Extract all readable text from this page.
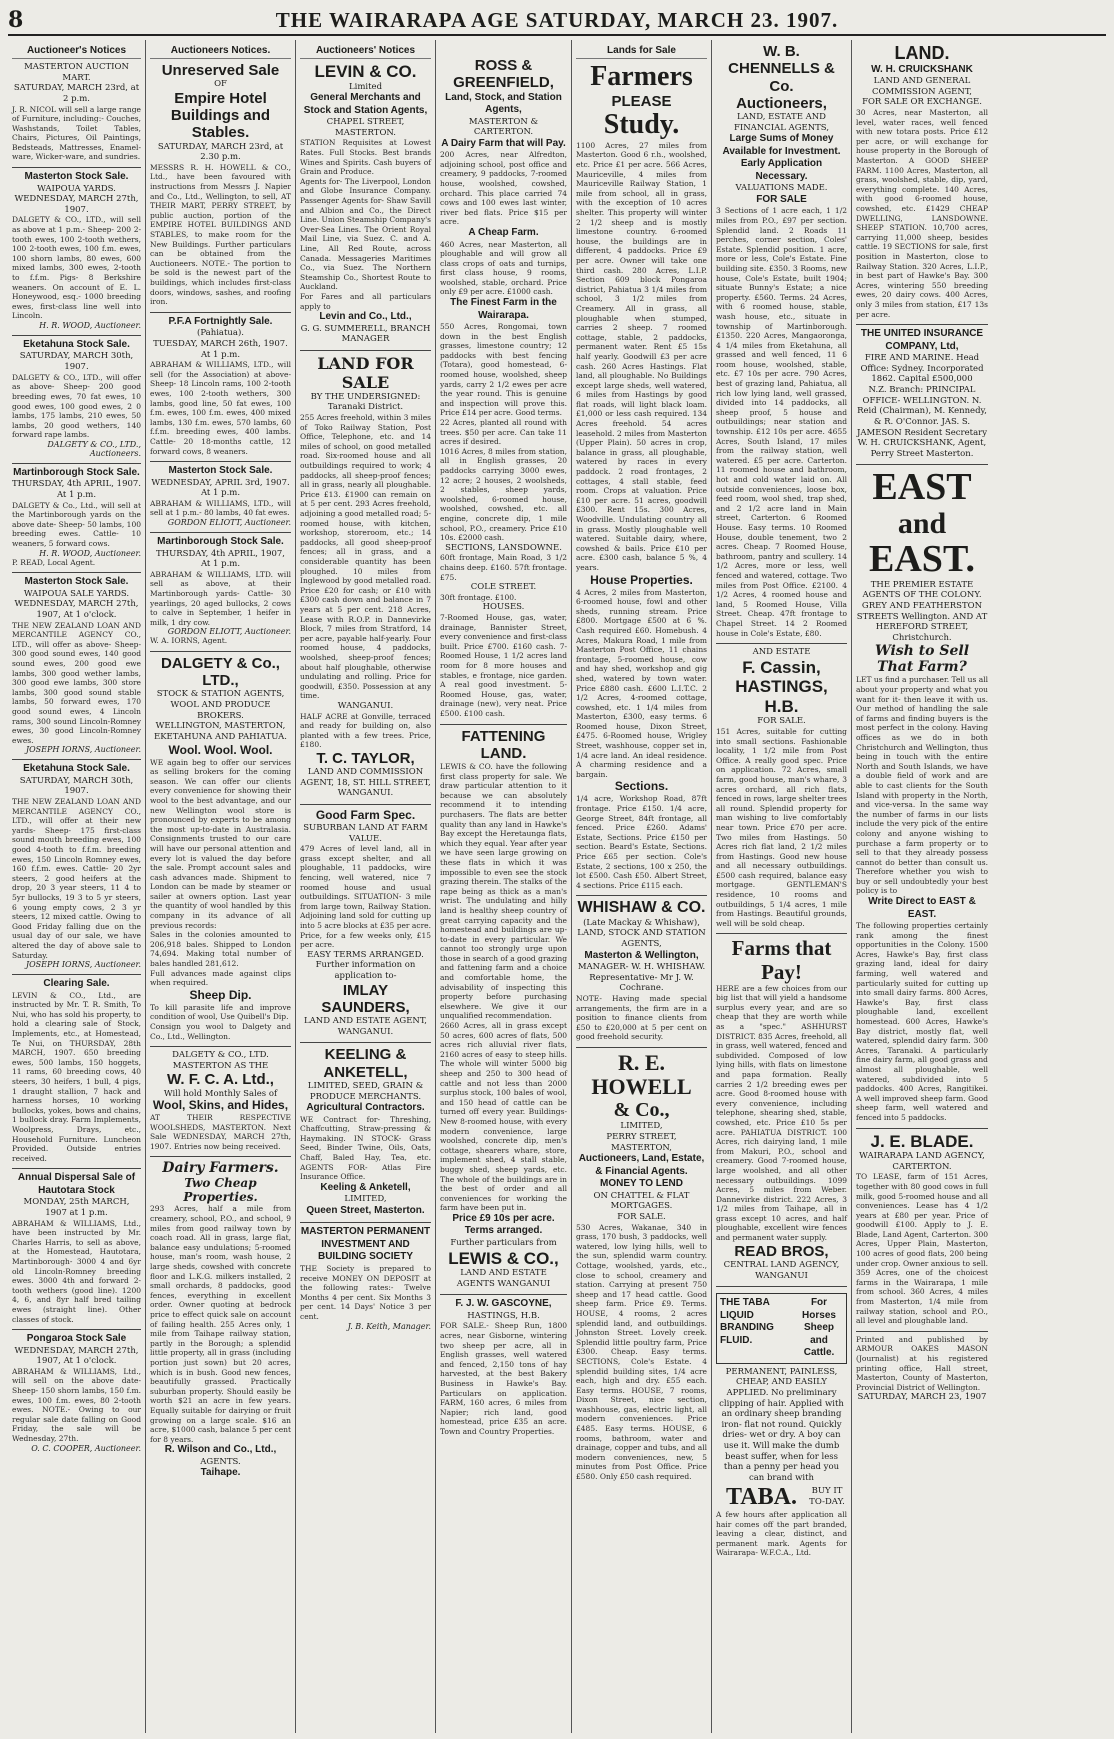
8	THE WAIRARAPA AGE SATURDAY, MARCH 23. 1907.
Auctioneer's Notices
MASTERTON AUCTION MART.
SATURDAY, MARCH 23rd, at 2 p.m.
J. R. NICOL will sell a large range of Furniture, including:- Couches, Washstands, Toilet Tables, Chairs, Pictures, Oil Paintings, Bedsteads, Mattresses, Enamel-ware, Wicker-ware, and sundries.
Masterton Stock Sale.
WAIPOUA YARDS.
WEDNESDAY, MARCH 27th, 1907.
DALGETY & CO., LTD., will sell as above at 1 p.m.- Sheep- 200 2-tooth ewes, 100 2-tooth wethers, 100 2-tooth ewes, 100 f.m. ewes, 100 shorn lambs, 80 ewes, 600 mixed lambs, 300 ewes, 2-tooth to f.f.m. Pigs- 8 Berkshire weaners. On account of E. L. Honeywood, esq.- 1000 breeding ewes, first-class line well into Lincoln.
H. R. WOOD, Auctioneer.
Eketahuna Stock Sale.
SATURDAY, MARCH 30th, 1907.
DALGETY & CO., LTD., will offer as above- Sheep- 200 good breeding ewes, 70 fat ewes, 10 good ewes, 100 good ewes, 2 0 lambs, 175 lambs, 210 ewes, 50 lambs, 20 good wethers, 140 forward rape lambs.
DALGETY & CO., LTD., Auctioneers.
Martinborough Stock Sale.
THURSDAY, 4th APRIL, 1907. At 1 p.m.
DALGETY & Co., Ltd., will sell at the Martinborough yards on the above date- Sheep- 50 lambs, 100 breeding ewes. Cattle- 10 weaners, 5 forward cows.
H. R. WOOD, Auctioneer.
P. READ, Local Agent.
Masterton Stock Sale.
WAIPOUA SALE YARDS.
WEDNESDAY, MARCH 27th, 1907, At 1 o'clock.
THE NEW ZEALAND LOAN AND MERCANTILE AGENCY CO., LTD., will offer as above- Sheep- 300 good sound ewes, 140 good sound ewes, 200 good ewe lambs, 300 good wether lambs, 300 good ewe lambs, 300 store lambs, 300 good sound stable lambs, 50 forward ewes, 170 good sound ewes, 4 Lincoln rams, 300 sound Lincoln-Romney ewes, 30 good Lincoln-Romney ewes.
JOSEPH IORNS, Auctioneer.
Eketahuna Stock Sale.
SATURDAY, MARCH 30th, 1907.
THE NEW ZEALAND LOAN AND MERCANTILE AGENCY CO., LTD., will offer at their new yards- Sheep- 175 first-class sound mouth breeding ewes, 100 good 4-tooth to f.f.m. breeding ewes, 150 Lincoln Romney ewes, 160 f.f.m. ewes. Cattle- 20 2yr steers, 2 good heifers at the drop, 20 3 year steers, 11 4 to 5yr bullocks, 19 3 to 5 yr steers, 6 young empty cows, 2 3 yr steers, 12 mixed cattle. Owing to Good Friday falling due on the usual day of our sale, we have altered the day of above sale to Saturday.
JOSEPH IORNS, Auctioneer.
Clearing Sale.
LEVIN & CO., Ltd., are instructed by Mr. T. R. Smith, To Nui, who has sold his property, to hold a clearing sale of Stock, Implements, etc., at Homestead, Te Nui, on THURSDAY, 28th MARCH, 1907. 650 breeding ewes, 500 lambs, 150 hoggets, 11 rams, 60 breeding cows, 40 steers, 30 heifers, 1 bull, 4 pigs, 1 draught stallion, 7 hack and harness horses, 10 working bullocks, yokes, bows and chains, 1 bullock dray. Farm Implements, Woolpress, Drays, etc., Household Furniture. Luncheon Provided. Outside entries received.
Annual Dispersal Sale of Hautotara Stock
MONDAY, 25th MARCH, 1907 at 1 p.m.
ABRAHAM & WILLIAMS, Ltd., have been instructed by Mr. Charles Harris, to sell as above, at the Homestead, Hautotara, Martinborough- 3000 4 and 6yr old Lincoln-Romney breeding ewes. 3000 4th and forward 2-tooth wethers (good line). 1200 4, 6, and 8yr half bred tailing ewes (straight line). Other classes of stock.
Pongaroa Stock Sale
WEDNESDAY, MARCH 27th, 1907, At 1 o'clock.
ABRAHAM & WILLIAMS, Ltd., will sell on the above date- Sheep- 150 shorn lambs, 150 f.m. ewes, 100 f.m. ewes, 80 2-tooth ewes. NOTE.- Owing to our regular sale date falling on Good Friday, the sale will be Wednesday, 27th.
O. C. COOPER, Auctioneer.
Auctioneers Notices.
Unreserved Sale
OF
Empire Hotel Buildings and Stables.
SATURDAY, MARCH 23rd, at 2.30 p.m.
MESSRS R. H. HOWELL & CO., Ltd., have been favoured with instructions from Messrs J. Napier and Co., Ltd., Wellington, to sell, AT THEIR MART, PERRY STREET, by public auction, portion of the EMPIRE HOTEL BUILDINGS AND STABLES, to make room for the New Buildings. Further particulars can be obtained from the Auctioneers. NOTE.- The portion to be sold is the newest part of the buildings, which includes first-class doors, windows, sashes, and roofing iron.
P.F.A Fortnightly Sale.
(Pahiatua).
TUESDAY, MARCH 26th, 1907. At 1 p.m.
ABRAHAM & WILLIAMS, LTD., will sell (for the Association) at above- Sheep- 18 Lincoln rams, 100 2-tooth ewes, 100 2-tooth wethers, 300 lambs, good line, 50 fat ewes, 100 f.m. ewes, 100 f.m. ewes, 400 mixed lambs, 130 f.m. ewes, 570 lambs, 60 f.f.m. breeding ewes, 400 lambs. Cattle- 20 18-months cattle, 12 forward cows, 8 weaners.
Masterton Stock Sale.
WEDNESDAY, APRIL 3rd, 1907. At 1 p.m.
ABRAHAM & WILLIAMS, LTD., will sell at 1 p.m.- 80 lambs, 40 fat ewes.
GORDON ELIOTT, Auctioneer.
Martinborough Stock Sale.
THURSDAY, 4th APRIL, 1907, At 1 p.m.
ABRAHAM & WILLIAMS, LTD. will sell as above, at their Martinborough yards- Cattle- 30 yearlings, 20 aged bullocks, 2 cows to calve in September, 1 heifer in milk, 1 dry cow.
GORDON ELIOTT, Auctioneer.
W. A. IORNS, Agent.
DALGETY & Co., LTD.,
STOCK & STATION AGENTS, WOOL AND PRODUCE BROKERS.
WELLINGTON, MASTERTON, EKETAHUNA AND PAHIATUA.
Wool. Wool. Wool.
WE again beg to offer our services as selling brokers for the coming season. We can offer our clients every convenience for showing their wool to the best advantage, and our new Wellington wool store is pronounced by experts to be among the most up-to-date in Australasia. Consignments trusted to our care will have our personal attention and every lot is valued the day before the sale. Prompt account sales and cash advances made. Shipment to London can be made by steamer or sailer at owners option. Last year the quantity of wool handled by this company in its advance of all previous records:
Sales in the colonies amounted to 206,918 bales. Shipped to London 74,694. Making total number of bales handled 281,612.
Full advances made against clips when required.
Sheep Dip.
To kill parasite life and improve condition of wool, Use Quibell's Dip.
Consign you wool to Dalgety and Co., Ltd., Wellington.
DALGETY & CO., LTD. MASTERTON AS THE
W. F. C. A. Ltd.,
Will hold Monthly Sales of
Wool, Skins, and Hides,
AT THEIR RESPECTIVE WOOLSHEDS, MASTERTON. Next Sale WEDNESDAY, MARCH 27th, 1907. Entries now being received.
Dairy Farmers.
Two Cheap Properties.
293 Acres, half a mile from creamery, school, P.O., and school, 9 miles from good railway town by coach road. All in grass, large flat, balance easy undulations; 5-roomed house, man's room, wash house, 2 large sheds, cowshed with concrete floor and L.K.G. milkers installed, 2 small orchards, 8 paddocks, good fences, everything in excellent order. Owner quoting at bedrock price to effect quick sale on account of failing health. 255 Acres only, 1 mile from Taihape railway station, partly in the Borough; a splendid little property, all in grass (including portion just sown) but 20 acres, which is in bush. Good new fences, beautifully grassed. Practically suburban property. Should easily be worth $21 an acre in few years. Equally suitable for dairying or fruit growing on a large scale. $16 an acre, $1000 cash, balance 5 per cent for 8 years.
R. Wilson and Co., Ltd.,
AGENTS.
Taihape.
Auctioneers' Notices
LEVIN & CO.
Limited
General Merchants and Stock and Station Agents,
CHAPEL STREET, MASTERTON.
STATION Requisites at Lowest Rates. Full Stocks. Best brands Wines and Spirits. Cash buyers of Grain and Produce.
Agents for- The Liverpool, London and Globe Insurance Company. Passenger Agents for- Shaw Savill and Albion and Co., the Direct Line. Union Steamship Company's Over-Sea Lines. The Orient Royal Mail Line, via Suez. C. and A. Line, All Red Route, across Canada. Messageries Maritimes Co., via Suez. The Northern Steamship Co., Shortest Route to Auckland.
For Fares and all particulars apply to
Levin and Co., Ltd.,
G. G. SUMMERELL, BRANCH MANAGER
LAND FOR SALE
BY THE UNDERSIGNED:
Taranaki District.
255 Acres freehold, within 3 miles of Toko Railway Station, Post Office, Telephone, etc. and 14 miles of school, on good metalled road. Six-roomed house and all outbuildings required to work; 4 paddocks, all sheep-proof fences; all in grass, nearly all ploughable. Price £13. £1900 can remain on at 5 per cent. 293 Acres freehold, adjoining a good metalled road; 5-roomed house, with kitchen, workshop, storeroom, etc.; 14 paddocks, all good sheep-proof fences; all in grass, and a considerable quantity has been ploughed. 10 miles from Inglewood by good metalled road. Price £20 for cash; or £10 with £300 cash down and balance in 7 years at 5 per cent. 218 Acres, Lease with R.O.P. in Dannevirke Block, 7 miles from Stratford, 14 per acre, payable half-yearly. Four roomed house, 4 paddocks, woolshed, sheep-proof fences; about half ploughable, otherwise undulating and rolling. Price for goodwill, £350. Possession at any time.
WANGANUI.
HALF ACRE at Gonville, terraced and ready for building on, also planted with a few trees. Price, £180.
T. C. TAYLOR,
LAND AND COMMISSION AGENT, 18, ST. HILL STREET, WANGANUI.
Good Farm Spec.
SUBURBAN LAND AT FARM VALUE.
479 Acres of level land, all in grass except shelter, and all ploughable, 11 paddocks, wire fencing, well watered, nice 7 roomed house and usual outbuildings. SITUATION- 3 mile from large town, Railway Station. Adjoining land sold for cutting up into 5 acre blocks at £35 per acre. Price, for a few weeks only, £15 per acre.
EASY TERMS ARRANGED.
Further information on application to-
IMLAY SAUNDERS,
LAND AND ESTATE AGENT, WANGANUI.
KEELING & ANKETELL,
LIMITED, SEED, GRAIN & PRODUCE MERCHANTS.
Agricultural Contractors.
WE Contract for- Threshing, Chaffcutting, Straw-pressing & Haymaking. IN STOCK- Grass Seed, Binder Twine, Oils, Oats, Chaff, Baled Hay, Tea, etc. AGENTS FOR- Atlas Fire Insurance Office.
Keeling & Anketell,
LIMITED,
Queen Street, Masterton.
MASTERTON PERMANENT INVESTMENT AND BUILDING SOCIETY
THE Society is prepared to receive MONEY ON DEPOSIT at the following rates:- Twelve Months 4 per cent. Six Months 3 per cent. 14 Days' Notice 3 per cent.
J. B. Keith, Manager.
ROSS & GREENFIELD,
Land, Stock, and Station Agents,
MASTERTON & CARTERTON.
A Dairy Farm that will Pay.
200 Acres, near Alfredton, adjoining school, post office and creamery, 9 paddocks, 7-roomed house, woolshed, cowshed, orchard. This place carried 74 cows and 100 ewes last winter, river bed flats. Price $15 per acre.
A Cheap Farm.
460 Acres, near Masterton, all ploughable and will grow all class crops of oats and turnips, first class house, 9 rooms, woolshed, stable, orchard. Price only £9 per acre. £1000 cash.
The Finest Farm in the Wairarapa.
550 Acres, Rongomai, town down in the best English grasses, limestone country; 12 paddocks with best fencing (Totara), good homestead, 6-roomed house, woolshed, sheep yards, carry 2 1/2 ewes per acre the year round. This is genuine and inspection will prove this. Price £14 per acre. Good terms.
22 Acres, planted all round with trees. $50 per acre. Can take 11 acres if desired.
1016 Acres, 8 miles from station, all in English grasses, 20 paddocks carrying 3000 ewes, 12 acre; 2 houses, 2 woolsheds, 2 stables, sheep yards, woolshed, 6-roomed house, woolshed, cowshed, etc. all engine, concrete dip, 1 mile school, P.O., creamery. Price £10 10s. £2000 cash.
SECTIONS, LANSDOWNE.
60ft frontage, Main Road, 3 1/2 chains deep. £160. 57ft frontage. £75.
COLE STREET.
30ft frontage. £100.
HOUSES.
7-Roomed House, gas, water, drainage, Bannister Street, every convenience and first-class built. Price £700. £160 cash. 7-Roomed House, 1 1/2 acres land room for 8 more houses and stables, e frontage, nice garden. A real good investment. 5-Roomed House, gas, water, drainage (new), very neat. Price £500. £100 cash.
FATTENING LAND.
LEWIS & CO. have the following first class property for sale. We draw particular attention to it because we can absolutely recommend it to intending purchasers. The flats are better quality than any land in Hawke's Bay except the Heretaunga flats, which they equal. Year after year we have seen large growing on these flats in which it was impossible to even see the stock grazing therein. The stalks of the rape being as thick as a man's wrist. The undulating and hilly land is healthy sheep country of great carrying capacity and the homestead and buildings are up-to-date in every particular. We cannot too strongly urge upon those in search of a good grazing and fattening farm and a choice and comfortable home, the advisability of inspecting this property before purchasing elsewhere. We give it our unqualified recommendation.
2660 Acres, all in grass except 50 acres, 600 acres of flats, 500 acres rich alluvial river flats, 2160 acres of easy to steep hills. The whole will winter 5000 big sheep and 250 to 300 head of cattle and not less than 2000 surplus stock, 100 bales of wool, and 150 head of cattle can be turned off every year. Buildings- New 8-roomed house, with every modern convenience, large woolshed, concrete dip, men's cottage, shearers whare, store, implement shed, 4 stall stable, buggy shed, sheep yards, etc. The whole of the buildings are in the best of order and all conveniences for working the farm have been put in.
Price £9 10s per acre. Terms arranged.
Further particulars from
LEWIS & CO.,
LAND AND ESTATE AGENTS WANGANUI
F. J. W. GASCOYNE,
HASTINGS, H.B.
FOR SALE.- Sheep Run, 1800 acres, near Gisborne, wintering two sheep per acre, all in English grasses, well watered and fenced, 2,150 tons of hay harvested, at the best Bakery Business in Hawke's Bay. Particulars on application. FARM, 160 acres, 6 miles from Napier; rich land, good homestead, price £35 an acre. Town and Country Properties.
Lands for Sale
Farmers
PLEASE
Study.
1100 Acres, 27 miles from Masterton. Good 6 r.h., woolshed, etc. Price £1 per acre. 566 Acres, Mauriceville, 4 miles from Mauriceville Railway Station, 1 mile from school, all in grass, with the exception of 10 acres shelter. This property will winter 2 1/2 sheep and is mostly limestone country. 6-roomed house, the buildings are in different, 4 paddocks. Price £9 per acre. Owner will take one third cash. 280 Acres, L.I.P. Section 609 block Pongaroa district, Pahiatua 3 1/4 miles from school, 3 1/2 miles from Creamery. All in grass, all ploughable when stumped, carries 2 sheep. 7 roomed cottage, stable, 2 paddocks, permanent water. Rent £5 15s half yearly. Goodwill £3 per acre cash. 260 Acres Hastings. Flat land, all ploughable. No Buildings except large sheds, well watered, 6 miles from Hastings by good flat roads, will light black loam. £1,000 or less cash required. 134 Acres freehold. 54 acres leasehold. 2 miles from Masterton (Upper Plain). 50 acres in crop, balance in grass, all ploughable, watered by races in every paddock. 2 road frontages, 2 cottages, 4 stall stable, feed room. Crops at valuation. Price £10 per acre. 51 acres, goodwill £300. Rent 15s. 300 Acres, Woodville. Undulating country all in grass. Mostly ploughable well watered. Suitable dairy, where, cowshed & bails. Price £10 per acre. £300 cash, balance 5 %, 4 years.
House Properties.
4 Acres, 2 miles from Masterton, 6-roomed house, fowl and other sheds, running stream. Price £800. Mortgage £500 at 6 %. Cash required £60. Homebush. 4 Acres, Makura Road, 1 mile from Masterton Post Office, 11 chains frontage, 5-roomed house, cow and hay shed, workshop and gig shed, watered by town water. Price £880 cash. £600 L.I.T.C. 2 1/2 Acres, 4-roomed cottage, cowshed, etc. 1 1/4 miles from Masterton, £300, easy terms. 6 Roomed house, Dixon Street, £475. 6-Roomed house, Wrigley Street, washhouse, copper set in, 1/4 acre land. An ideal residence. A charming residence and a bargain.
Sections.
1/4 acre, Workshop Road, 87ft frontage. Price £150. 1/4 acre, George Street, 84ft frontage, all fenced. Price £260. Adams' Estate, Sections. Price £150 per section. Beard's Estate, Sections. Price £65 per section. Cole's Estate, 2 sections, 100 x 250, the lot £500. Cash £50. Albert Street, 4 sections. Price £115 each.
WHISHAW & CO.
(Late Mackay & Whishaw),
LAND, STOCK AND STATION AGENTS,
Masterton & Wellington,
MANAGER- W. H. WHISHAW. Representative- Mr J. W. Cochrane.
NOTE- Having made special arrangements, the firm are in a position to finance clients from £50 to £20,000 at 5 per cent on good freehold security.
R. E. HOWELL
& Co.,
LIMITED,
PERRY STREET, MASTERTON,
Auctioneers, Land, Estate, & Financial Agents.
MONEY TO LEND
ON CHATTEL & FLAT MORTGAGES.
FOR SALE.
530 Acres, Wakanae, 340 in grass, 170 bush, 3 paddocks, well watered, low lying hills, well to the sun, splendid warm country. Cottage, woolshed, yards, etc., close to school, creamery and station. Carrying at present 750 sheep and 17 head cattle. Good sheep farm. Price £9. Terms. HOUSE, 4 rooms, 2 acres splendid land, and outbuildings. Johnston Street. Lovely creek. Splendid little poultry farm, Price £300. Cheap. Easy terms. SECTIONS, Cole's Estate. 4 splendid building sites, 1/4 acre each, high and dry. £55 each. Easy terms. HOUSE, 7 rooms, Dixon Street, nice section, washhouse, gas, electric light, all modern conveniences. Price £485. Easy terms. HOUSE, 6 rooms, bathroom, water and drainage, copper and tubs, and all modern conveniences, new, 5 minutes from Post Office. Price £580. Only £50 cash required.
W. B. CHENNELLS & Co.
Auctioneers,
LAND, ESTATE AND FINANCIAL AGENTS,
Large Sums of Money Available for Investment.
Early Application Necessary.
VALUATIONS MADE.
FOR SALE
3 Sections of 1 acre each, 1 1/2 miles from P.O., £97 per section. Splendid land. 2 Roads 11 perches, corner section, Coles' Estate. Splendid position. 1 acre, more or less, Cole's Estate. Fine building site. £350. 3 Rooms, new house, Cole's Estate, built 1904; situate Bunny's Estate; a nice property. £560. Terms. 24 Acres, with 6 roomed house, stable, wash house, etc., situate in township of Martinborough. £1350. 220 Acres, Mangaoronga, 4 1/4 miles from Eketahuna, all grassed and well fenced, 11 6 room house, woolshed, stable, etc. £7 10s per acre. 790 Acres, best of grazing land, Pahiatua, all rich low lying land, well grassed, divided into 14 paddocks, all sheep proof, 5 house and outbuildings; near station and township. £12 10s per acre. 4655 Acres, South Island, 17 miles from the railway station, well watered. £5 per acre. Carterton. 11 roomed house and bathroom, hot and cold water laid on. All outside conveniences, loose box, feed room, wool shed, trap shed, and 2 1/2 acre land in Main street, Carterton. 6 Roomed House. Easy terms. 10 Roomed House, double tenement, two 2 acres. Cheap. 7 Roomed House, bathroom, pantry and scullery. 14 1/2 Acres, more or less, well fenced and watered, cottage. Two miles from Post Office. £2100. 4 1/2 Acres, 4 roomed house and land, 5 Roomed House, Villa Street. Cheap. 47ft frontage to Chapel Street. 14 2 Roomed house in Cole's Estate, £80.
AND ESTATE
F. Cassin,
HASTINGS, H.B.
FOR SALE.
151 Acres, suitable for cutting into small sections. Fashionable locality, 1 1/2 mile from Post Office. A really good spec. Price on application. 72 Acres, small farm, good house, man's whare, 3 acres orchard, all rich flats, fenced in rows, large shelter trees all round. Splendid property for man wishing to live comfortably near town. Price £70 per acre. Two miles from Hastings. 50 Acres rich flat land, 2 1/2 miles from Hastings. Good new house and all necessary outbuildings. £500 cash required, balance easy mortgage. GENTLEMAN'S residence, 10 rooms and outbuildings, 5 1/4 acres, 1 mile from Hastings. Beautiful grounds, well will be sold cheap.
Farms that Pay!
HERE are a few choices from our big list that will yield a handsome surplus every year, and are so cheap that they are worth while as a "spec." ASHHURST DISTRICT. 835 Acres, freehold, all in grass, well watered, fenced and subdivided. Composed of low lying hills, with flats on limestone and papa formation. Really carries 2 1/2 breeding ewes per acre. Good 8-roomed house with every convenience, including telephone, shearing shed, stable, cowshed, etc. Price £10 5s per acre. PAHIATUA DISTRICT. 100 Acres, rich dairying land, 1 mile from Makuri, P.O., school and creamery. Good 7-roomed house, large woolshed, and all other necessary outbuildings. 1099 Acres, 5 miles from Weber. Dannevirke district. 222 Acres, 3 1/2 miles from Taihape, all in grass except 10 acres, and half ploughable, excellent wire fences and permanent water supply.
READ BROS,
CENTRAL LAND AGENCY, WANGANUI
THE TABA LIQUID BRANDING FLUID.
For Horses Sheep and Cattle.
PERMANENT, PAINLESS, CHEAP, AND EASILY APPLIED. No preliminary clipping of hair. Applied with an ordinary sheep branding iron- flat not round. Quickly dries- wet or dry. A boy can use it. Will make the dumb beast suffer, when for less than a penny per head you can brand with
TABA.	BUY IT TO-DAY.
A few hours after application all hair comes off the part branded, leaving a clear, distinct, and permanent mark. Agents for Wairarapa- W.F.C.A., Ltd.
LAND.
W. H. CRUICKSHANK
LAND AND GENERAL COMMISSION AGENT,
FOR SALE OR EXCHANGE.
30 Acres, near Masterton, all level, water races, well fenced with new totara posts. Price £12 per acre, or will exchange for house property in the Borough of Masterton. A GOOD SHEEP FARM. 1100 Acres, Masterton, all grass, woolshed, stable, dip, yard, everything complete. 140 Acres, with good 6-roomed house, cowshed, etc. £1429 CHEAP DWELLING, LANSDOWNE. SHEEP STATION. 10,700 acres, carrying 11,000 sheep, besides cattle. 19 SECTIONS for sale, first position in Masterton, close to Railway Station. 320 Acres, L.I.P., in best part of Hawke's Bay. 300 Acres, wintering 550 breeding ewes, 20 dairy cows. 400 Acres, only 3 miles from station, £17 13s per acre.
THE UNITED INSURANCE COMPANY, Ltd,
FIRE AND MARINE. Head Office: Sydney. Incorporated 1862. Capital £500,000
N.Z. Branch: PRINCIPAL OFFICE- WELLINGTON. N. Reid (Chairman), M. Kennedy, & R. O'Connor. JAS. S. JAMESON Resident Secretary
W. H. CRUICKSHANK, Agent, Perry Street Masterton.
EAST
and
EAST.
THE PREMIER ESTATE AGENTS OF THE COLONY. GREY AND FEATHERSTON STREETS Wellington. AND AT HEREFORD STREET, Christchurch.
Wish to Sell That Farm?
LET us find a purchaser. Tell us all about your property and what you want for it- then leave it with us. Our method of handling the sale of farms and finding buyers is the most perfect in the colony. Having offices as we do in both Christchurch and Wellington, thus being in touch with the entire North and South Islands, we have a double field of work and are able to cast clients for the South Island with property in the North, and vice-versa. In the same way the number of farms in our lists include the very pick of the entire colony and anyone wishing to purchase a farm property or to sell to that they already possess cannot do better than consult us. Therefore whether you wish to buy or sell undoubtedly your best policy is to
Write Direct to EAST & EAST.
The following properties certainly rank among the finest opportunities in the Colony. 1500 Acres, Hawke's Bay, first class grazing land, ideal for dairy farming, well watered and particularly suited for cutting up into small dairy farms. 800 Acres, Hawke's Bay, first class ploughable land, excellent homestead. 600 Acres, Hawke's Bay district, mostly flat, well watered, splendid dairy farm. 300 Acres, Taranaki. A particularly fine dairy farm, all good grass and almost all ploughable, well watered, subdivided into 5 paddocks. 400 Acres, Rangitikei. A well improved sheep farm. Good sheep farm, well watered and fenced into 5 paddocks.
J. E. BLADE.
WAIRARAPA LAND AGENCY, CARTERTON.
TO LEASE, farm of 151 Acres, together with 80 good cows in full milk, good 5-roomed house and all conveniences. Lease has 4 1/2 years at £80 per year. Price of goodwill £100. Apply to J. E. Blade, Land Agent, Carterton. 300 Acres, Upper Plain, Masterton, 100 acres of good flats, 200 being under crop. Owner anxious to sell. 359 Acres, one of the choicest farms in the Wairarapa, 1 mile from school. 360 Acres, 4 miles from Masterton, 1/4 mile from railway station, school and P.O., all level and ploughable land.
Printed and published by ARMOUR OAKES MASON (Journalist) at his registered printing office, Hall street, Masterton, County of Masterton, Provincial District of Wellington.
SATURDAY, MARCH 23, 1907
